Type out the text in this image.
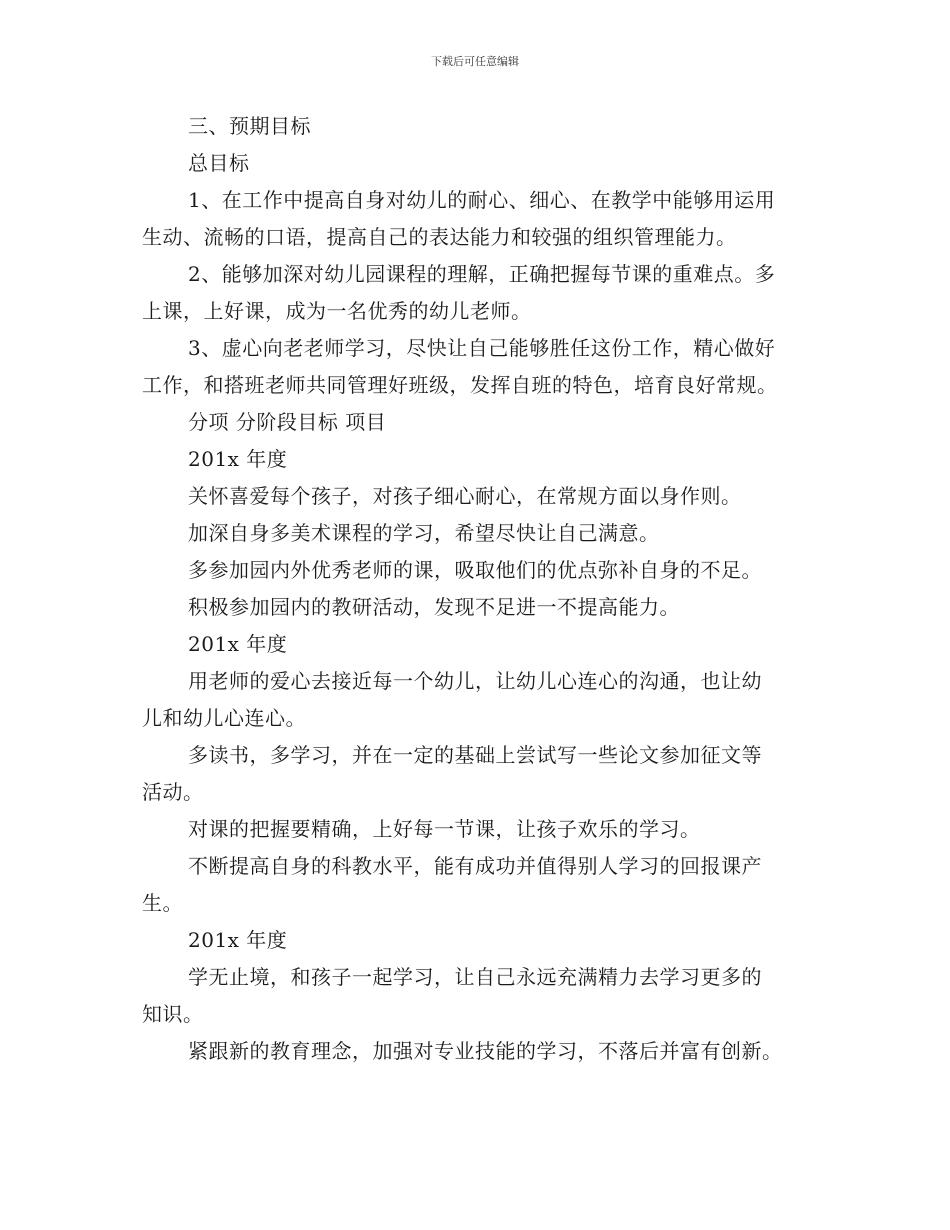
下载后可任意编辑
三、预期目标
总目标
1、在工作中提高自身对幼儿的耐心、细心、在教学中能够用运用
生动、流畅的口语，提高自己的表达能力和较强的组织管理能力。
2、能够加深对幼儿园课程的理解，正确把握每节课的重难点。多
上课，上好课，成为一名优秀的幼儿老师。
3、虚心向老老师学习，尽快让自己能够胜任这份工作，精心做好
工作，和搭班老师共同管理好班级，发挥自班的特色，培育良好常规。
分项 分阶段目标 项目
201x 年度
关怀喜爱每个孩子，对孩子细心耐心，在常规方面以身作则。
加深自身多美术课程的学习，希望尽快让自己满意。
多参加园内外优秀老师的课，吸取他们的优点弥补自身的不足。
积极参加园内的教研活动，发现不足进一不提高能力。
201x 年度
用老师的爱心去接近每一个幼儿，让幼儿心连心的沟通，也让幼
儿和幼儿心连心。
多读书，多学习，并在一定的基础上尝试写一些论文参加征文等
活动。
对课的把握要精确，上好每一节课，让孩子欢乐的学习。
不断提高自身的科教水平，能有成功并值得别人学习的回报课产
生。
201x 年度
学无止境，和孩子一起学习，让自己永远充满精力去学习更多的
知识。
紧跟新的教育理念，加强对专业技能的学习，不落后并富有创新。
